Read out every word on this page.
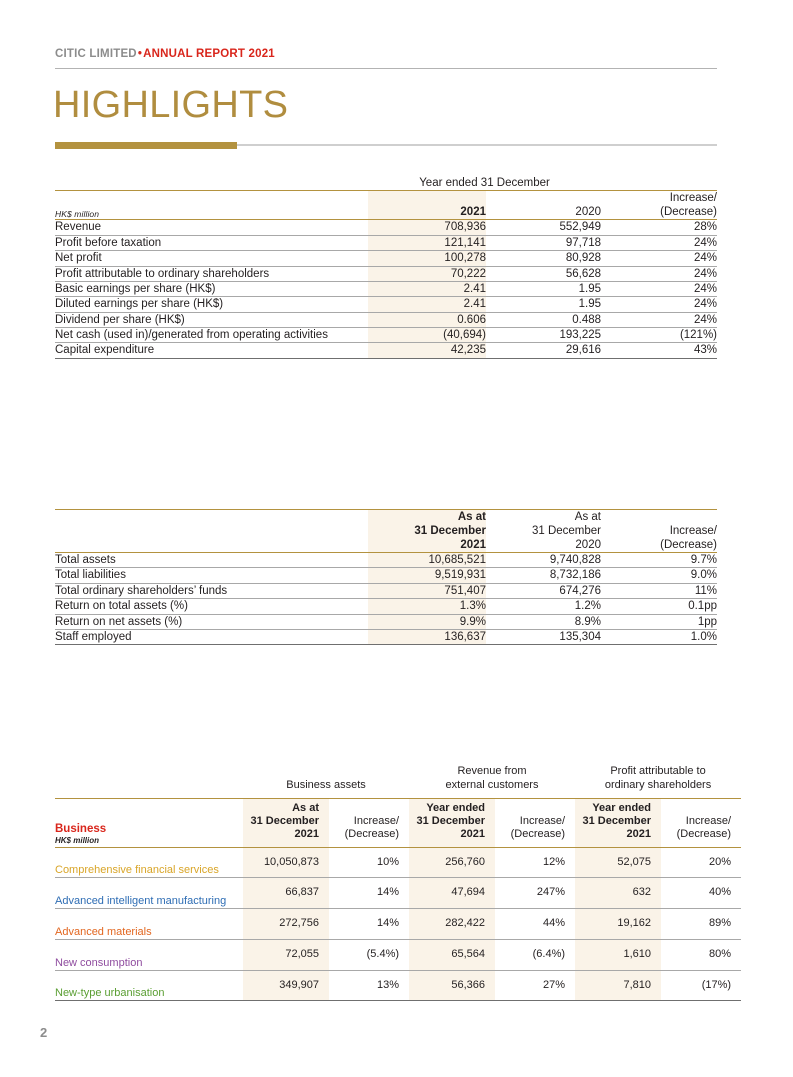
CITIC LIMITED•ANNUAL REPORT 2021
HIGHLIGHTS
	Year ended 31 December		
HK$ million	2021	2020	Increase/
(Decrease)
Revenue	708,936	552,949	28%
Profit before taxation	121,141	97,718	24%
Net profit	100,278	80,928	24%
Profit attributable to ordinary shareholders	70,222	56,628	24%
Basic earnings per share (HK$)	2.41	1.95	24%
Diluted earnings per share (HK$)	2.41	1.95	24%
Dividend per share (HK$)	0.606	0.488	24%
Net cash (used in)/generated from operating activities	(40,694)	193,225	(121%)
Capital expenditure	42,235	29,616	43%
	As at
31 December
2021	As at
31 December
2020	Increase/
(Decrease)
Total assets	10,685,521	9,740,828	9.7%
Total liabilities	9,519,931	8,732,186	9.0%
Total ordinary shareholders’ funds	751,407	674,276	11%
Return on total assets (%)	1.3%	1.2%	0.1pp
Return on net assets (%)	9.9%	8.9%	1pp
Staff employed	136,637	135,304	1.0%
	Business assets		Revenue from
external customers		Profit attributable to
ordinary shareholders	

Business
HK$ million
	As at
31 December
2021	Increase/
(Decrease)	Year ended
31 December
2021	Increase/
(Decrease)	Year ended
31 December
2021	Increase/
(Decrease)
Comprehensive financial services	10,050,873	10%	256,760	12%	52,075	20%
Advanced intelligent manufacturing	66,837	14%	47,694	247%	632	40%
Advanced materials	272,756	14%	282,422	44%	19,162	89%
New consumption	72,055	(5.4%)	65,564	(6.4%)	1,610	80%
New-type urbanisation	349,907	13%	56,366	27%	7,810	(17%)
2
